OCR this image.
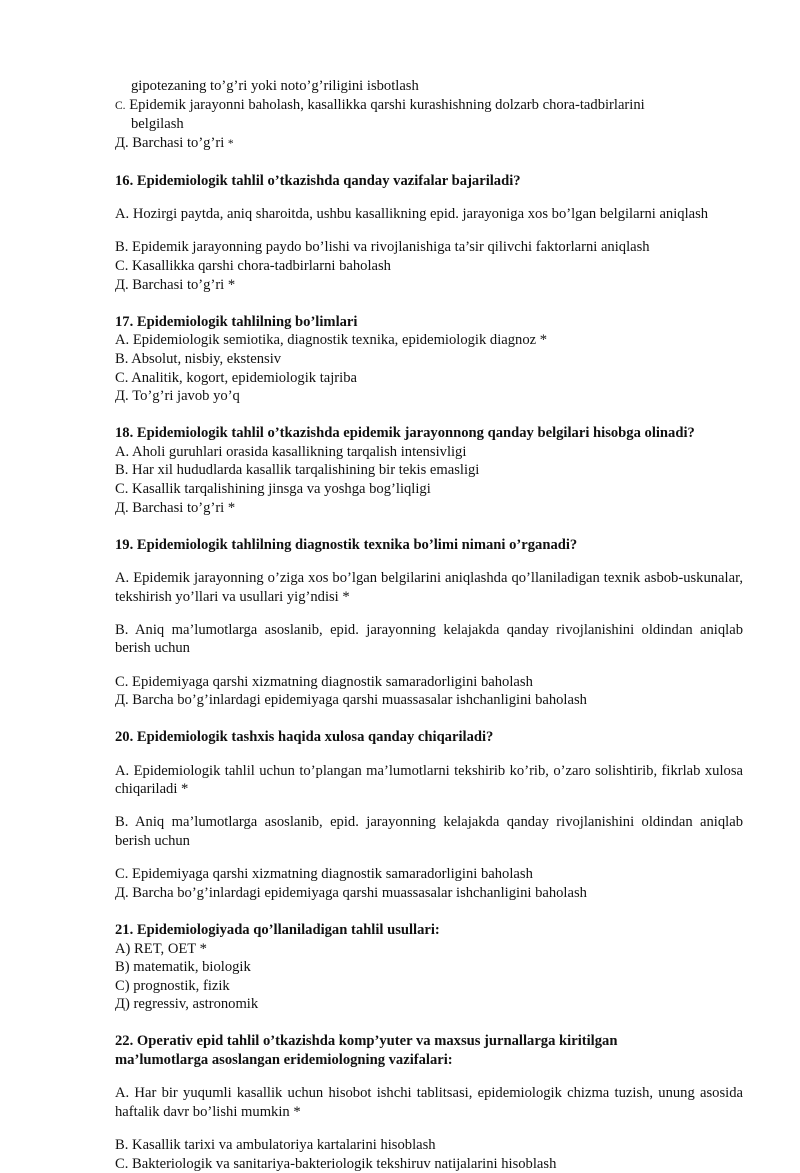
gipotezaning to’g’ri yoki noto’g’riligini isbotlash

C. Epidemik jarayonni baholash, kasallikka qarshi kurashishning dolzarb chora-tadbirlarini

belgilash

Д. Barchasi to’g’ri *

16. Epidemiologik tahlil o’tkazishda qanday vazifalar bajariladi?

A. Hozirgi paytda, aniq sharoitda, ushbu kasallikning epid. jarayoniga xos bo’lgan belgilarni aniqlash

B. Epidemik jarayonning paydo bo’lishi va rivojlanishiga ta’sir qilivchi faktorlarni aniqlash

C. Kasallikka qarshi chora-tadbirlarni baholash

Д. Barchasi to’g’ri *

17. Epidemiologik tahlilning bo’limlari

A. Epidemiologik semiotika, diagnostik texnika, epidemiologik diagnoz *

B. Absolut, nisbiy, ekstensiv

C. Analitik, kogort, epidemiologik tajriba

Д. To’g’ri javob yo’q

18. Epidemiologik tahlil o’tkazishda epidemik jarayonnong qanday belgilari hisobga olinadi?

A. Aholi guruhlari orasida kasallikning tarqalish intensivligi

B. Har xil hududlarda kasallik tarqalishining bir tekis emasligi

C. Kasallik tarqalishining jinsga va yoshga bog’liqligi

Д. Barchasi to’g’ri *

19. Epidemiologik tahlilning diagnostik texnika bo’limi nimani o’rganadi?

A. Epidemik jarayonning o’ziga xos bo’lgan belgilarini aniqlashda qo’llaniladigan texnik asbob-uskunalar, tekshirish yo’llari va usullari yig’ndisi *

B. Aniq ma’lumotlarga asoslanib, epid. jarayonning kelajakda qanday rivojlanishini oldindan aniqlab berish uchun

C. Epidemiyaga qarshi xizmatning diagnostik samaradorligini baholash

Д. Barcha bo’g’inlardagi epidemiyaga qarshi muassasalar ishchanligini baholash

20. Epidemiologik tashxis haqida xulosa qanday chiqariladi?

A. Epidemiologik tahlil uchun to’plangan ma’lumotlarni tekshirib ko’rib, o’zaro solishtirib, fikrlab xulosa chiqariladi *

B. Aniq ma’lumotlarga asoslanib, epid. jarayonning kelajakda qanday rivojlanishini oldindan aniqlab berish uchun

C. Epidemiyaga qarshi xizmatning diagnostik samaradorligini baholash

Д. Barcha bo’g’inlardagi epidemiyaga qarshi muassasalar ishchanligini baholash

21. Epidemiologiyada qo’llaniladigan tahlil usullari:

A) RET, OET *

B) matematik, biologik

C) prognostik, fizik

Д) regressiv, astronomik

22. Operativ epid tahlil o’tkazishda komp’yuter va maxsus jurnallarga kiritilgan

ma’lumotlarga asoslangan eridemiologning vazifalari:

A. Har bir yuqumli kasallik uchun hisobot ishchi tablitsasi, epidemiologik chizma tuzish, unung asosida haftalik davr bo’lishi mumkin *

B. Kasallik tarixi va ambulatoriya kartalarini hisoblash

C. Bakteriologik va sanitariya-bakteriologik tekshiruv natijalarini hisoblash
